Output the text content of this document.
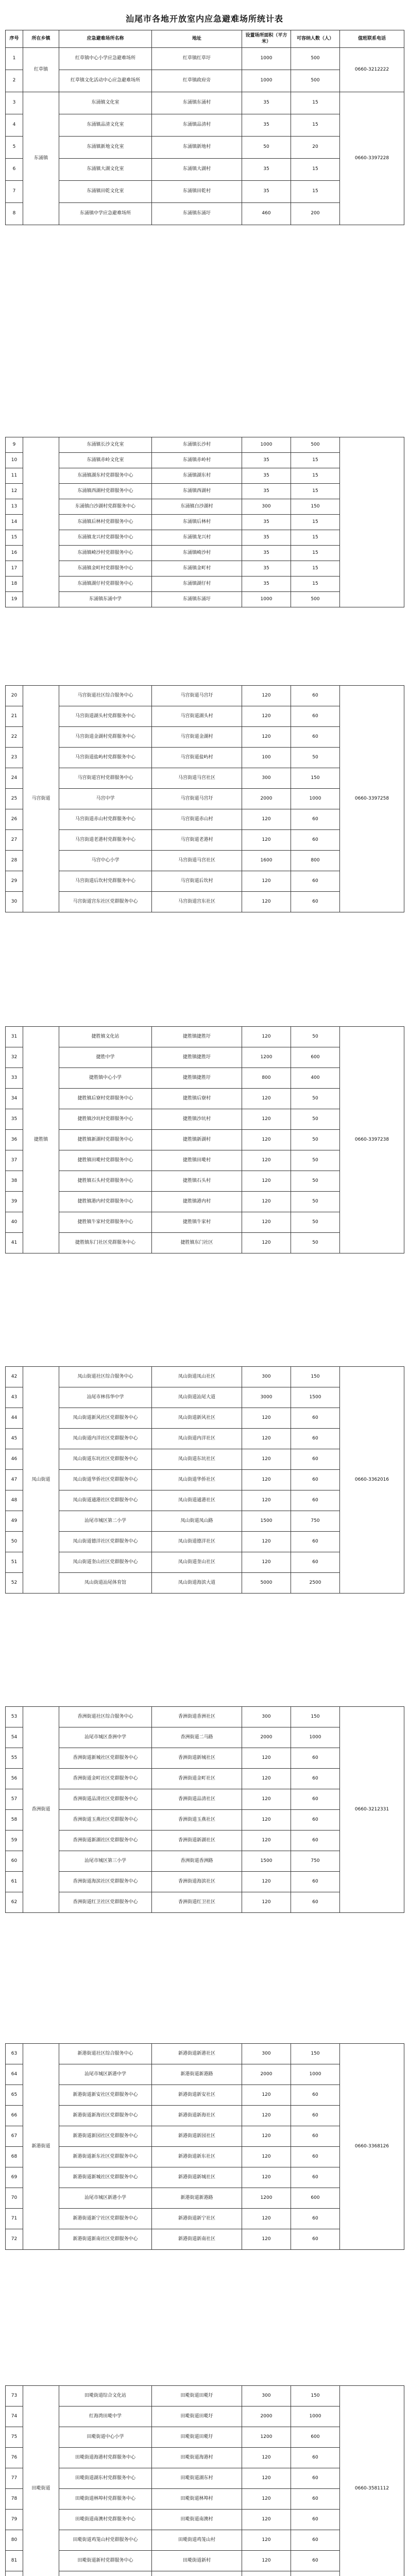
汕尾市各地开放室内应急避难场所统计表
序号	所在乡镇	应急避难场所名称	地址
设置场所面积（平方米）
可容纳人数（人）	值班联系电话
红草镇	0660-3212222
1	红草镇中心小学应急避难场所	红草镇红草圩	1000	500
2	红草镇文化活动中心应急避难场所	红草镇政府旁	1000	500
东涌镇	0660-3397228
3	东涌镇文化室	东涌镇东涌村	35	15
4	东涌镇品清文化室	东涌镇品清村	35	15
5	东涌镇新地文化室	东涌镇新地村	50	20
6	东涌镇大湖文化室	东涌镇大湖村	35	15
7	东涌镇田乾文化室	东涌镇田乾村	35	15
8	东涌镇中学应急避难场所	东涌镇东涌圩	460	200
9	东涌镇长沙文化室	东涌镇长沙村	1000	500
10	东涌镇赤岭文化室	东涌镇赤岭村	35	15
11	东涌镇湖东村党群服务中心	东涌镇湖东村	35	15
12	东涌镇西湖村党群服务中心	东涌镇西湖村	35	15
13	东涌镇白沙湖村党群服务中心	东涌镇白沙湖村	300	150
14	东涌镇后林村党群服务中心	东涌镇后林村	35	15
15	东涌镇龙兴村党群服务中心	东涌镇龙兴村	35	15
16	东涌镇崎沙村党群服务中心	东涌镇崎沙村	35	15
17	东涌镇金町村党群服务中心	东涌镇金町村	35	15
18	东涌镇湖仔村党群服务中心	东涌镇湖仔村	35	15
19	东涌镇东涌中学	东涌镇东涌圩	1000	500
马宫街道	0660-3397258
20	马宫街道社区综合服务中心	马宫街道马宫圩	120	60
21	马宫街道湖头村党群服务中心	马宫街道湖头村	120	60
22	马宫街道金湖村党群服务中心	马宫街道金湖村	120	60
23	马宫街道盐屿村党群服务中心	马宫街道盐屿村	100	50
24	马宫街道宫村党群服务中心	马宫街道马宫社区	300	150
25	马宫中学	马宫街道马宫圩	2000	1000
26	马宫街道赤山村党群服务中心	马宫街道赤山村	120	60
27	马宫街道老港村党群服务中心	马宫街道老港村	120	60
28	马宫中心小学	马宫街道马宫社区	1600	800
29	马宫街道后坎村党群服务中心	马宫街道后坎村	120	60
30	马宫街道宫东社区党群服务中心	马宫街道宫东社区	120	60
捷胜镇	0660-3397238
31	捷胜镇文化站	捷胜镇捷胜圩	120	50
32	捷胜中学	捷胜镇捷胜圩	1200	600
33	捷胜镇中心小学	捷胜镇捷胜圩	800	400
34	捷胜镇后寮村党群服务中心	捷胜镇后寮村	120	50
35	捷胜镇沙坑村党群服务中心	捷胜镇沙坑村	120	50
36	捷胜镇新湖村党群服务中心	捷胜镇新湖村	120	50
37	捷胜镇田墘村党群服务中心	捷胜镇田墘村	120	50
38	捷胜镇石头村党群服务中心	捷胜镇石头村	120	50
39	捷胜镇港内村党群服务中心	捷胜镇港内村	120	50
40	捷胜镇牛家村党群服务中心	捷胜镇牛家村	120	50
41	捷胜镇东门社区党群服务中心	捷胜镇东门社区	120	50
凤山街道	0660-3362016
42	凤山街道社区综合服务中心	凤山街道凤山社区	300	150
43	汕尾市林伟华中学	凤山街道汕尾大道	3000	1500
44	凤山街道新风社区党群服务中心	凤山街道新风社区	120	60
45	凤山街道内洋社区党群服务中心	凤山街道内洋社区	120	60
46	凤山街道东坑社区党群服务中心	凤山街道东坑社区	120	60
47	凤山街道华侨社区党群服务中心	凤山街道华侨社区	120	60
48	凤山街道通港社区党群服务中心	凤山街道通港社区	120	60
49	汕尾市城区第二小学	凤山街道凤山路	1500	750
50	凤山街道德洋社区党群服务中心	凤山街道德洋社区	120	60
51	凤山街道奎山社区党群服务中心	凤山街道奎山社区	120	60
52	凤山街道汕尾体育馆	凤山街道海滨大道	5000	2500
香洲街道	0660-3212331
53	香洲街道社区综合服务中心	香洲街道香洲社区	300	150
54	汕尾市城区香洲中学	香洲街道二马路	2000	1000
55	香洲街道新城社区党群服务中心	香洲街道新城社区	120	60
56	香洲街道金町社区党群服务中心	香洲街道金町社区	120	60
57	香洲街道品清社区党群服务中心	香洲街道品清社区	120	60
58	香洲街道玉燕社区党群服务中心	香洲街道玉燕社区	120	60
59	香洲街道新湖社区党群服务中心	香洲街道新湖社区	120	60
60	汕尾市城区第三小学	香洲街道香洲路	1500	750
61	香洲街道海滨社区党群服务中心	香洲街道海滨社区	120	60
62	香洲街道红卫社区党群服务中心	香洲街道红卫社区	120	60
新港街道	0660-3368126
63	新港街道社区综合服务中心	新港街道新港社区	300	150
64	汕尾市城区新港中学	新港街道新港路	2000	1000
65	新港街道新安社区党群服务中心	新港街道新安社区	120	60
66	新港街道新海社区党群服务中心	新港街道新海社区	120	60
67	新港街道新园社区党群服务中心	新港街道新园社区	120	60
68	新港街道新东社区党群服务中心	新港街道新东社区	120	60
69	新港街道新城社区党群服务中心	新港街道新城社区	120	60
70	汕尾市城区新港小学	新港街道新港路	1200	600
71	新港街道新宁社区党群服务中心	新港街道新宁社区	120	60
72	新港街道新南社区党群服务中心	新港街道新南社区	120	60
田墘街道	0660-3581112
73	田墘街道综合文化站	田墘街道田墘圩	300	150
74	红海湾田墘中学	田墘街道田墘圩	2000	1000
75	田墘街道中心小学	田墘街道田墘圩	1200	600
76	田墘街道海港村党群服务中心	田墘街道海港村	120	60
77	田墘街道湖东村党群服务中心	田墘街道湖东村	120	60
78	田墘街道林埠村党群服务中心	田墘街道林埠村	120	60
79	田墘街道南澳村党群服务中心	田墘街道南澳村	120	60
80	田墘街道鸡笼山村党群服务中心	田墘街道鸡笼山村	120	60
81	田墘街道新村党群服务中心	田墘街道新村	120	60
